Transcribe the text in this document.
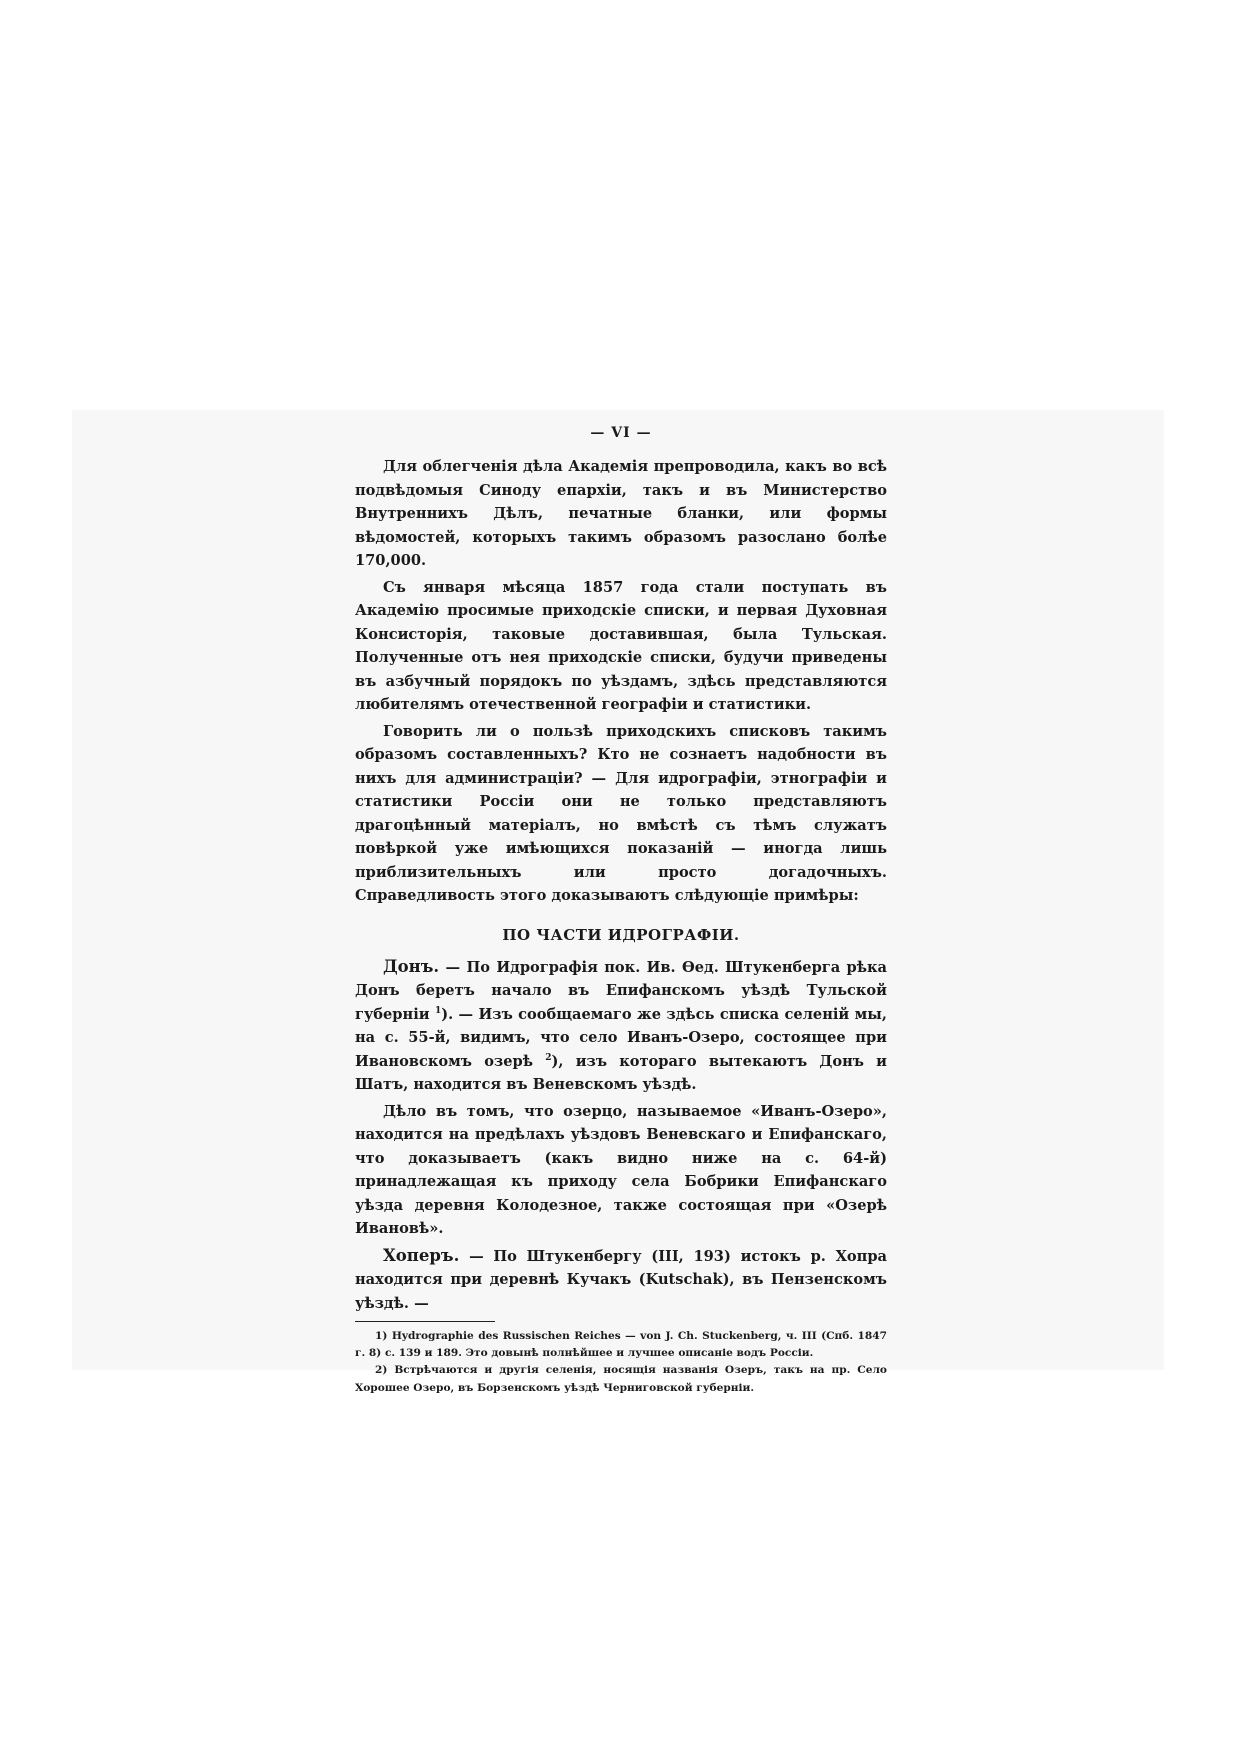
— VI —

Для облегченія дѣла Академія препроводила, какъ во всѣ подвѣдомыя Синоду епархіи, такъ и въ Министерство Внутреннихъ Дѣлъ, печатные бланки, или формы вѣдомостей, которыхъ такимъ образомъ разослано болѣе 170,000.

Съ января мѣсяца 1857 года стали поступать въ Академію просимые приходскіе списки, и первая Духовная Консисторія, таковые доставившая, была Тульская. Полученные отъ нея приходскіе списки, будучи приведены въ азбучный порядокъ по уѣздамъ, здѣсь представляются любителямъ отечественной географіи и статистики.

Говорить ли о пользѣ приходскихъ списковъ такимъ образомъ составленныхъ? Кто не сознаетъ надобности въ нихъ для администраціи? — Для идрографіи, этнографіи и статистики Россіи они не только представляютъ драгоцѣнный матеріалъ, но вмѣстѣ съ тѣмъ служатъ повѣркой уже имѣющихся показаній — иногда лишь приблизительныхъ или просто догадочныхъ. Справедливость этого доказываютъ слѣдующіе примѣры:

ПО ЧАСТИ ИДРОГРАФІИ.

Донъ. — По Идрографія пок. Ив. Ѳед. Штукенберга рѣка Донъ беретъ начало въ Епифанскомъ уѣздѣ Тульской губерніи $^1$). — Изъ сообщаемаго же здѣсь списка селеній мы, на с. 55-й, видимъ, что село Иванъ-Озеро, состоящее при Ивановскомъ озерѣ $^2$), изъ котораго вытекаютъ Донъ и Шатъ, находится въ Веневскомъ уѣздѣ.

Дѣло въ томъ, что озерцо, называемое «Иванъ-Озеро», находится на предѣлахъ уѣздовъ Веневскаго и Епифанскаго, что доказываетъ (какъ видно ниже на с. 64-й) принадлежащая къ приходу села Бобрики Епифанскаго уѣзда деревня Колодезное, также состоящая при «Озерѣ Ивановѣ».

Хоперъ. — По Штукенбергу (III, 193) истокъ р. Хопра находится при деревнѣ Кучакъ (Kutschak), въ Пензенскомъ уѣздѣ. —

1) Hydrographie des Russischen Reiches — von J. Ch. Stuckenberg, ч. III (Спб. 1847 г. 8) с. 139 и 189. Это довынѣ полнѣйшее и лучшее описаніе водъ Россіи.

2) Встрѣчаются и другія селенія, носящія названія Озеръ, такъ на пр. Село Хорошее Озеро, въ Борзенскомъ уѣздѣ Черниговской губерніи.
